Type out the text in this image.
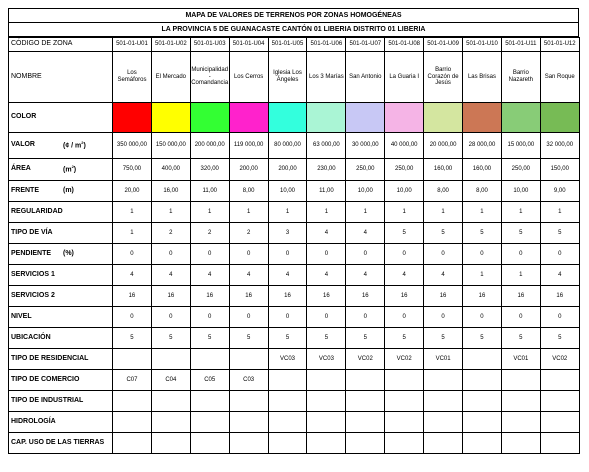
MAPA DE VALORES DE TERRENOS POR ZONAS HOMOGÉNEAS
LA PROVINCIA 5 DE GUANACASTE CANTÓN 01 LIBERIA DISTRITO 01 LIBERIA
CÓDIGO DE ZONA	501-01-U01	501-01-U02	501-01-U03	501-01-U04	501-01-U05	501-01-U06	501-01-U07	501-01-U08	501-01-U09	501-01-U10	501-01-U11	501-01-U12

NOMBRE	Los Semáforos	El Mercado	Municipalidad - Comandancia	Los Cerros	Iglesia Los Ángeles	Los 3 Marías	San Antonio	La Guaria I	Barrio Corazón de Jesús	Las Brisas	Barrio Nazareth	San Roque

COLOR												

VALOR (¢ / $m^2$)	350 000,00	150 000,00	200 000,00	119 000,00	80 000,00	63 000,00	30 000,00	40 000,00	20 000,00	28 000,00	15 000,00	32 000,00

ÁREA $(m^2)$	750,00	400,00	320,00	200,00	200,00	230,00	250,00	250,00	160,00	160,00	250,00	150,00

FRENTE (m)	20,00	16,00	11,00	8,00	10,00	11,00	10,00	10,00	8,00	8,00	10,00	9,00

REGULARIDAD	1	1	1	1	1	1	1	1	1	1	1	1

TIPO DE VÍA	1	2	2	2	3	4	4	5	5	5	5	5

PENDIENTE (%)	0	0	0	0	0	0	0	0	0	0	0	0

SERVICIOS 1	4	4	4	4	4	4	4	4	4	1	1	4

SERVICIOS 2	16	16	16	16	16	16	16	16	16	16	16	16

NIVEL	0	0	0	0	0	0	0	0	0	0	0	0

UBICACIÓN	5	5	5	5	5	5	5	5	5	5	5	5

TIPO DE RESIDENCIAL					VC03	VC03	VC02	VC02	VC01		VC01	VC02

TIPO DE COMERCIO	C07	C04	C05	C03								

TIPO DE INDUSTRIAL												

HIDROLOGÍA												

CAP. USO DE LAS TIERRAS												
